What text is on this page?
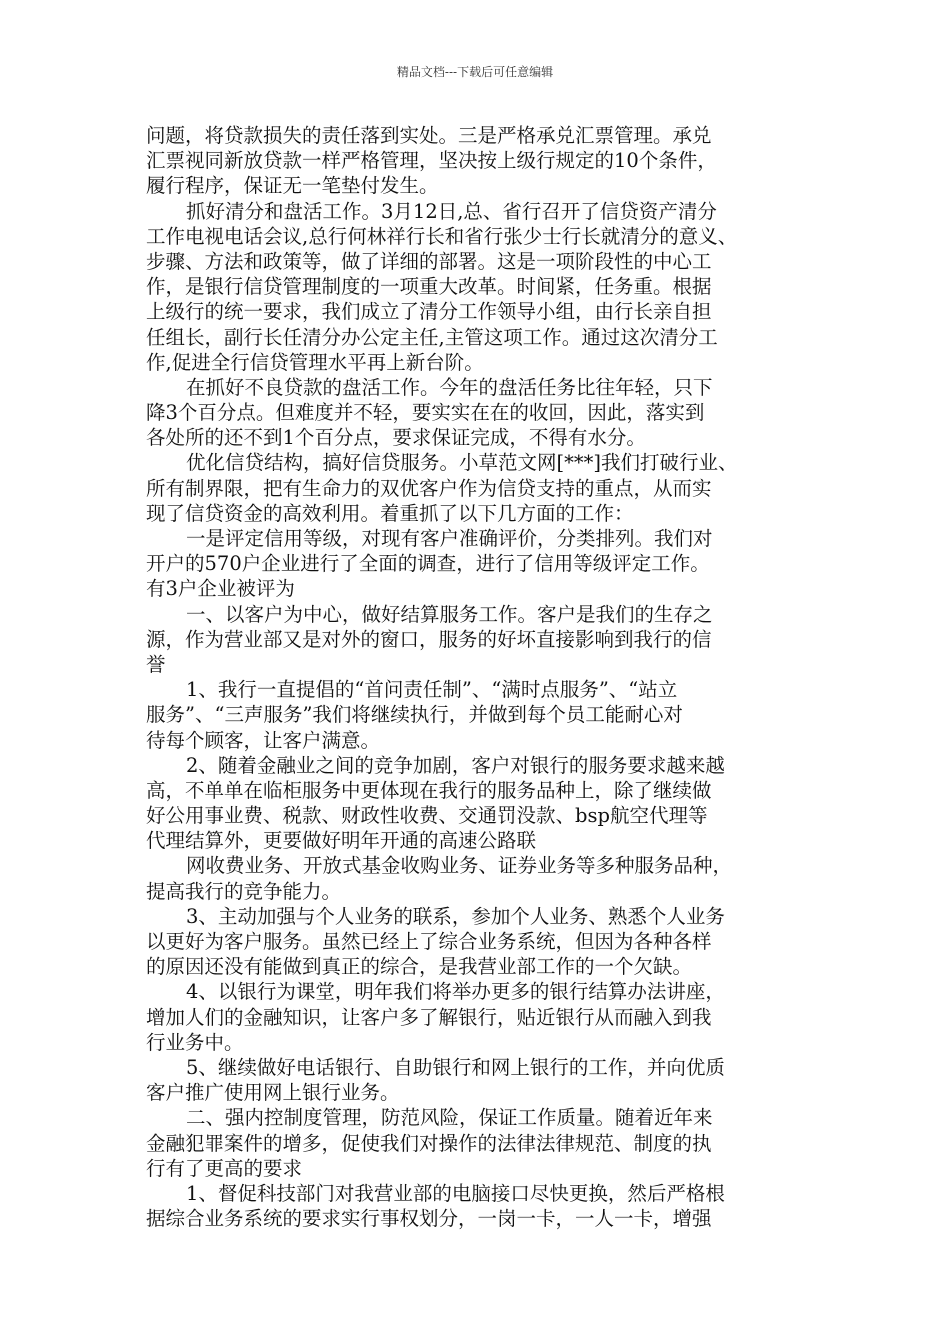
精品文档---下载后可任意编辑
问题，将贷款损失的责任落到实处。三是严格承兑汇票管理。承兑
汇票视同新放贷款一样严格管理，坚决按上级行规定的10个条件，
履行程序，保证无一笔垫付发生。
抓好清分和盘活工作。3月12日,总、省行召开了信贷资产清分
工作电视电话会议,总行何林祥行长和省行张少士行长就清分的意义、
步骤、方法和政策等，做了详细的部署。这是一项阶段性的中心工
作，是银行信贷管理制度的一项重大改革。时间紧，任务重。根据
上级行的统一要求，我们成立了清分工作领导小组，由行长亲自担
任组长，副行长任清分办公定主任,主管这项工作。通过这次清分工
作,促进全行信贷管理水平再上新台阶。
在抓好不良贷款的盘活工作。今年的盘活任务比往年轻，只下
降3个百分点。但难度并不轻，要实实在在的收回，因此，落实到
各处所的还不到1个百分点，要求保证完成，不得有水分。
优化信贷结构，搞好信贷服务。小草范文网[***]我们打破行业、
所有制界限，把有生命力的双优客户作为信贷支持的重点，从而实
现了信贷资金的高效利用。着重抓了以下几方面的工作：
一是评定信用等级，对现有客户准确评价，分类排列。我们对
开户的570户企业进行了全面的调查，进行了信用等级评定工作。
有3户企业被评为
一、以客户为中心，做好结算服务工作。客户是我们的生存之
源，作为营业部又是对外的窗口，服务的好坏直接影响到我行的信
誉
1、我行一直提倡的“首问责任制”、“满时点服务”、“站立
服务”、“三声服务”我们将继续执行，并做到每个员工能耐心对
待每个顾客，让客户满意。
2、随着金融业之间的竞争加剧，客户对银行的服务要求越来越
高，不单单在临柜服务中更体现在我行的服务品种上，除了继续做
好公用事业费、税款、财政性收费、交通罚没款、bsp航空代理等
代理结算外，更要做好明年开通的高速公路联
网收费业务、开放式基金收购业务、证券业务等多种服务品种，
提高我行的竞争能力。
3、主动加强与个人业务的联系，参加个人业务、熟悉个人业务
以更好为客户服务。虽然已经上了综合业务系统，但因为各种各样
的原因还没有能做到真正的综合，是我营业部工作的一个欠缺。
4、以银行为课堂，明年我们将举办更多的银行结算办法讲座，
增加人们的金融知识，让客户多了解银行，贴近银行从而融入到我
行业务中。
5、继续做好电话银行、自助银行和网上银行的工作，并向优质
客户推广使用网上银行业务。
二、强内控制度管理，防范风险，保证工作质量。随着近年来
金融犯罪案件的增多，促使我们对操作的法律法律规范、制度的执
行有了更高的要求
1、督促科技部门对我营业部的电脑接口尽快更换，然后严格根
据综合业务系统的要求实行事权划分，一岗一卡，一人一卡，增强
